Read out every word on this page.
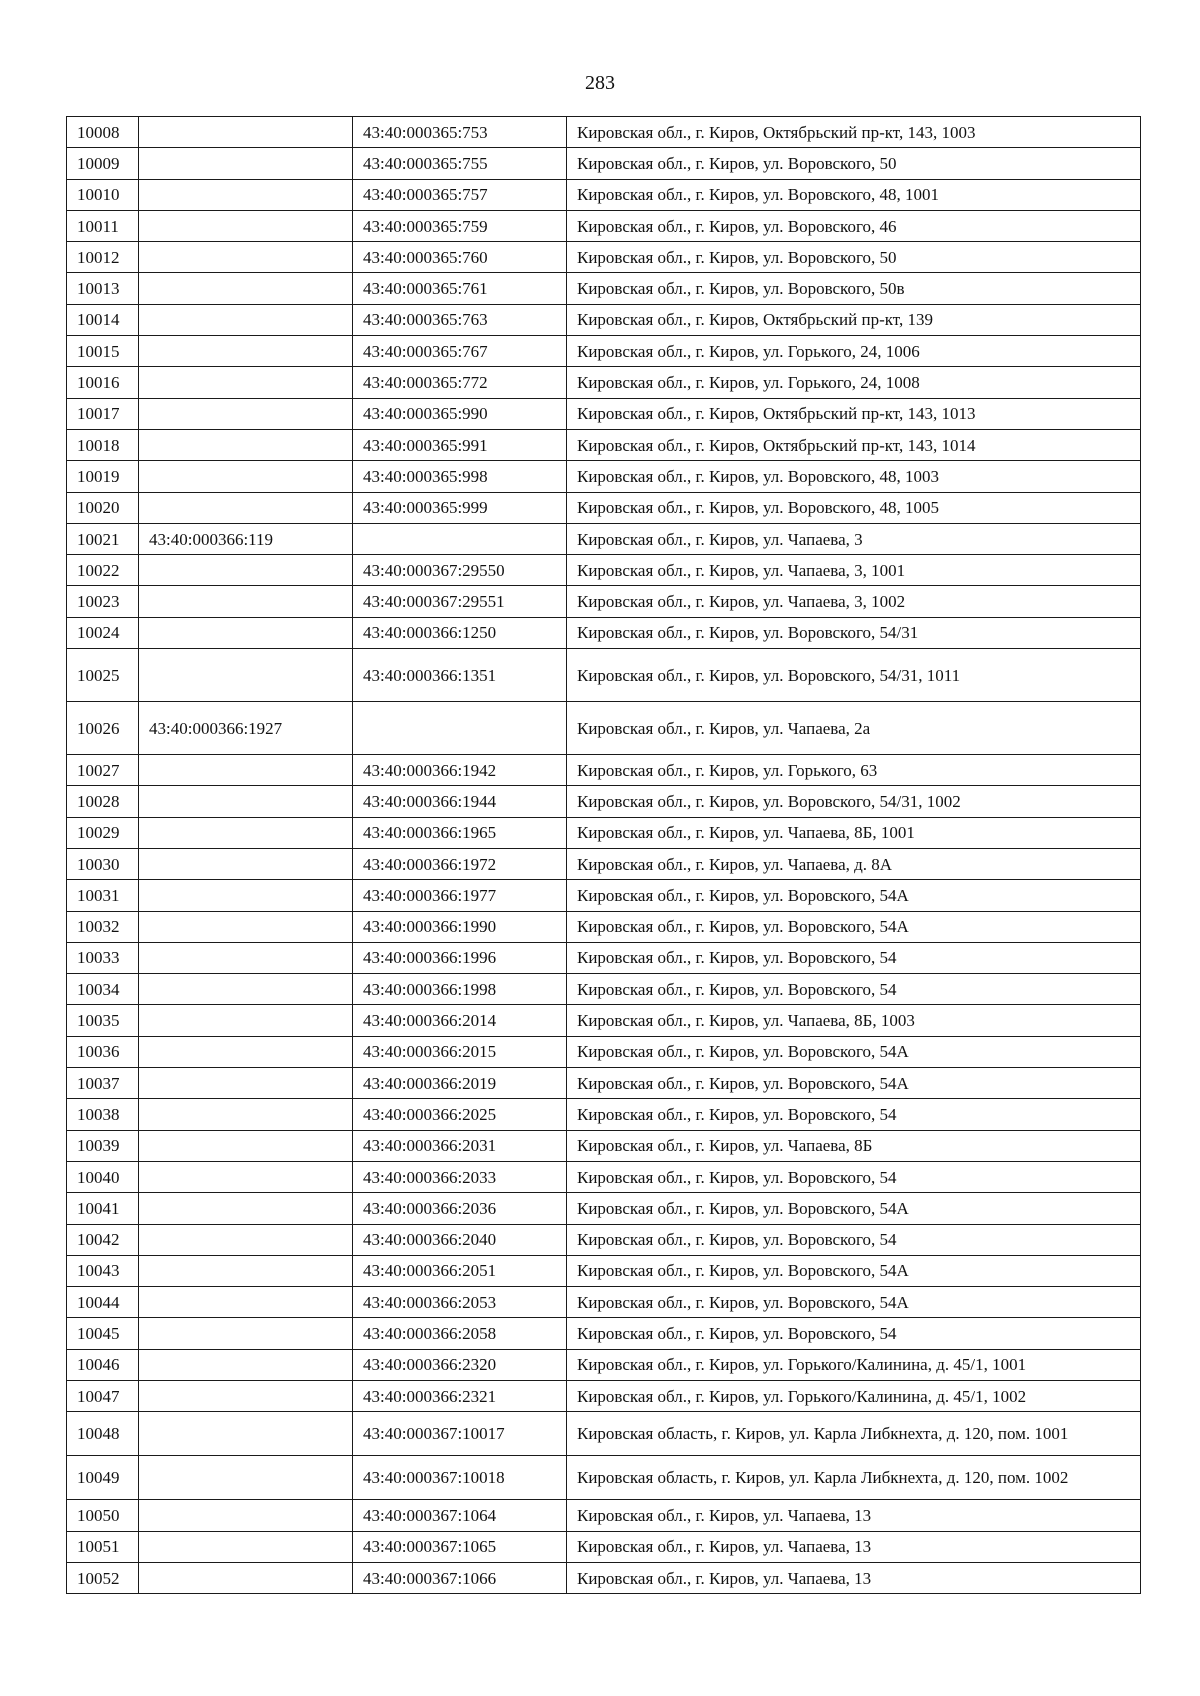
283
10008		43:40:000365:753	Кировская обл., г. Киров, Октябрьский пр-кт, 143, 1003
10009		43:40:000365:755	Кировская обл., г. Киров, ул. Воровского, 50
10010		43:40:000365:757	Кировская обл., г. Киров, ул. Воровского, 48, 1001
10011		43:40:000365:759	Кировская обл., г. Киров, ул. Воровского, 46
10012		43:40:000365:760	Кировская обл., г. Киров, ул. Воровского, 50
10013		43:40:000365:761	Кировская обл., г. Киров, ул. Воровского, 50в
10014		43:40:000365:763	Кировская обл., г. Киров, Октябрьский пр-кт, 139
10015		43:40:000365:767	Кировская обл., г. Киров, ул. Горького, 24, 1006
10016		43:40:000365:772	Кировская обл., г. Киров, ул. Горького, 24, 1008
10017		43:40:000365:990	Кировская обл., г. Киров, Октябрьский пр-кт, 143, 1013
10018		43:40:000365:991	Кировская обл., г. Киров, Октябрьский пр-кт, 143, 1014
10019		43:40:000365:998	Кировская обл., г. Киров, ул. Воровского, 48, 1003
10020		43:40:000365:999	Кировская обл., г. Киров, ул. Воровского, 48, 1005
10021	43:40:000366:119		Кировская обл., г. Киров, ул. Чапаева, 3
10022		43:40:000367:29550	Кировская обл., г. Киров, ул. Чапаева, 3, 1001
10023		43:40:000367:29551	Кировская обл., г. Киров, ул. Чапаева, 3, 1002
10024		43:40:000366:1250	Кировская обл., г. Киров, ул. Воровского, 54/31
10025		43:40:000366:1351	Кировская обл., г. Киров, ул. Воровского, 54/31, 1011
10026	43:40:000366:1927		Кировская обл., г. Киров, ул. Чапаева, 2а
10027		43:40:000366:1942	Кировская обл., г. Киров, ул. Горького, 63
10028		43:40:000366:1944	Кировская обл., г. Киров, ул. Воровского, 54/31, 1002
10029		43:40:000366:1965	Кировская обл., г. Киров, ул. Чапаева, 8Б, 1001
10030		43:40:000366:1972	Кировская обл., г. Киров, ул. Чапаева, д. 8А
10031		43:40:000366:1977	Кировская обл., г. Киров, ул. Воровского, 54А
10032		43:40:000366:1990	Кировская обл., г. Киров, ул. Воровского, 54А
10033		43:40:000366:1996	Кировская обл., г. Киров, ул. Воровского, 54
10034		43:40:000366:1998	Кировская обл., г. Киров, ул. Воровского, 54
10035		43:40:000366:2014	Кировская обл., г. Киров, ул. Чапаева, 8Б, 1003
10036		43:40:000366:2015	Кировская обл., г. Киров, ул. Воровского, 54А
10037		43:40:000366:2019	Кировская обл., г. Киров, ул. Воровского, 54А
10038		43:40:000366:2025	Кировская обл., г. Киров, ул. Воровского, 54
10039		43:40:000366:2031	Кировская обл., г. Киров, ул. Чапаева, 8Б
10040		43:40:000366:2033	Кировская обл., г. Киров, ул. Воровского, 54
10041		43:40:000366:2036	Кировская обл., г. Киров, ул. Воровского, 54А
10042		43:40:000366:2040	Кировская обл., г. Киров, ул. Воровского, 54
10043		43:40:000366:2051	Кировская обл., г. Киров, ул. Воровского, 54А
10044		43:40:000366:2053	Кировская обл., г. Киров, ул. Воровского, 54А
10045		43:40:000366:2058	Кировская обл., г. Киров, ул. Воровского, 54
10046		43:40:000366:2320	Кировская обл., г. Киров, ул. Горького/Калинина, д. 45/1, 1001
10047		43:40:000366:2321	Кировская обл., г. Киров, ул. Горького/Калинина, д. 45/1, 1002
10048		43:40:000367:10017	Кировская область, г. Киров, ул. Карла Либкнехта, д. 120, пом. 1001
10049		43:40:000367:10018	Кировская область, г. Киров, ул. Карла Либкнехта, д. 120, пом. 1002
10050		43:40:000367:1064	Кировская обл., г. Киров, ул. Чапаева, 13
10051		43:40:000367:1065	Кировская обл., г. Киров, ул. Чапаева, 13
10052		43:40:000367:1066	Кировская обл., г. Киров, ул. Чапаева, 13
